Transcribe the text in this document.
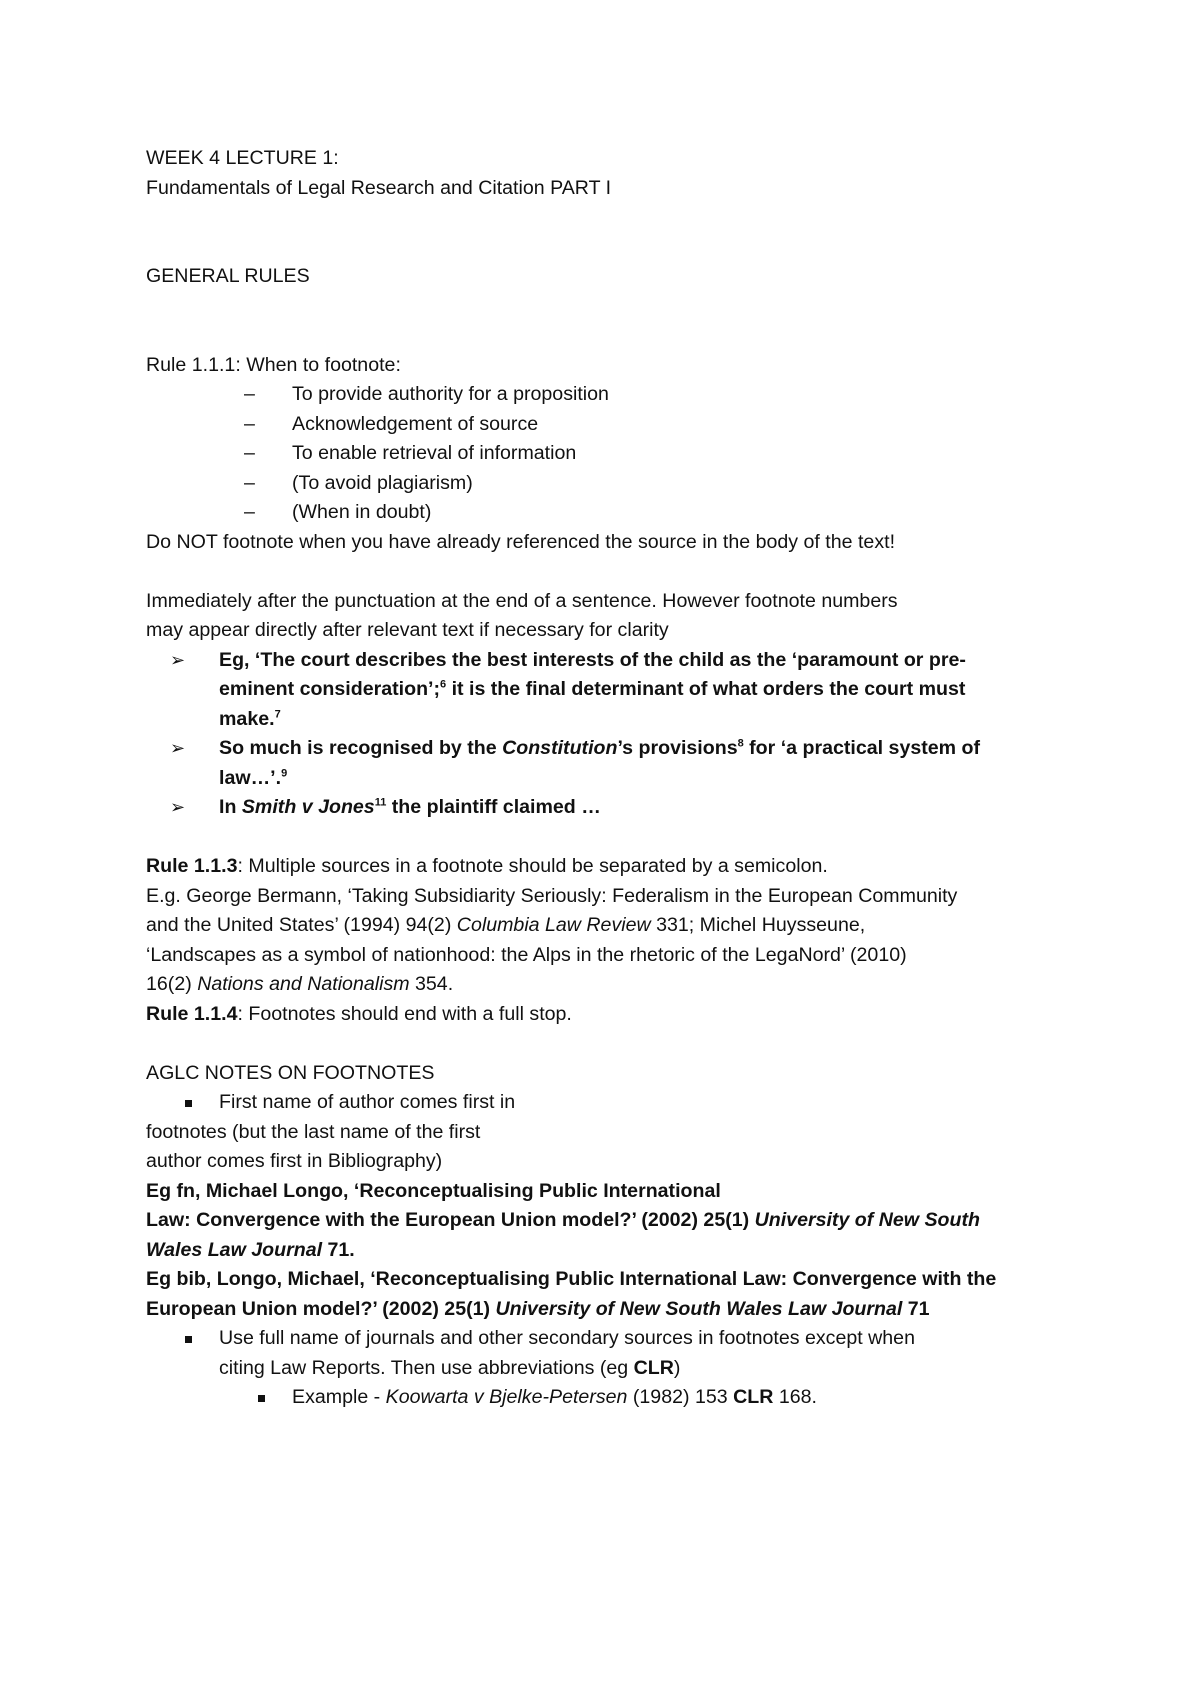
WEEK 4 LECTURE 1:
Fundamentals of Legal Research and Citation PART I
GENERAL RULES
Rule 1.1.1: When to footnote:
– To provide authority for a proposition
– Acknowledgement of source
– To enable retrieval of information
– (To avoid plagiarism)
– (When in doubt)
Do NOT footnote when you have already referenced the source in the body of the text!
Immediately after the punctuation at the end of a sentence. However footnote numbers
may appear directly after relevant text if necessary for clarity
➢ Eg, ‘The court describes the best interests of the child as the ‘paramount or pre-
eminent consideration’;$^6$ it is the final determinant of what orders the court must
make.$^7$
➢ So much is recognised by the Constitution’s provisions$^8$ for ‘a practical system of
law…’.$^9$
➢ In Smith v Jones$^{11}$ the plaintiff claimed …
Rule 1.1.3: Multiple sources in a footnote should be separated by a semicolon.
E.g. George Bermann, ‘Taking Subsidiarity Seriously: Federalism in the European Community
and the United States’ (1994) 94(2) Columbia Law Review 331; Michel Huysseune,
‘Landscapes as a symbol of nationhood: the Alps in the rhetoric of the LegaNord’ (2010)
16(2) Nations and Nationalism 354.
Rule 1.1.4: Footnotes should end with a full stop.
AGLC NOTES ON FOOTNOTES
First name of author comes first in
footnotes (but the last name of the first
author comes first in Bibliography)
Eg fn, Michael Longo, ‘Reconceptualising Public International
Law: Convergence with the European Union model?’ (2002) 25(1) University of New South
Wales Law Journal 71.
Eg bib, Longo, Michael, ‘Reconceptualising Public International Law: Convergence with the
European Union model?’ (2002) 25(1) University of New South Wales Law Journal 71
Use full name of journals and other secondary sources in footnotes except when
citing Law Reports. Then use abbreviations (eg CLR)
Example - Koowarta v Bjelke-Petersen (1982) 153 CLR 168.
